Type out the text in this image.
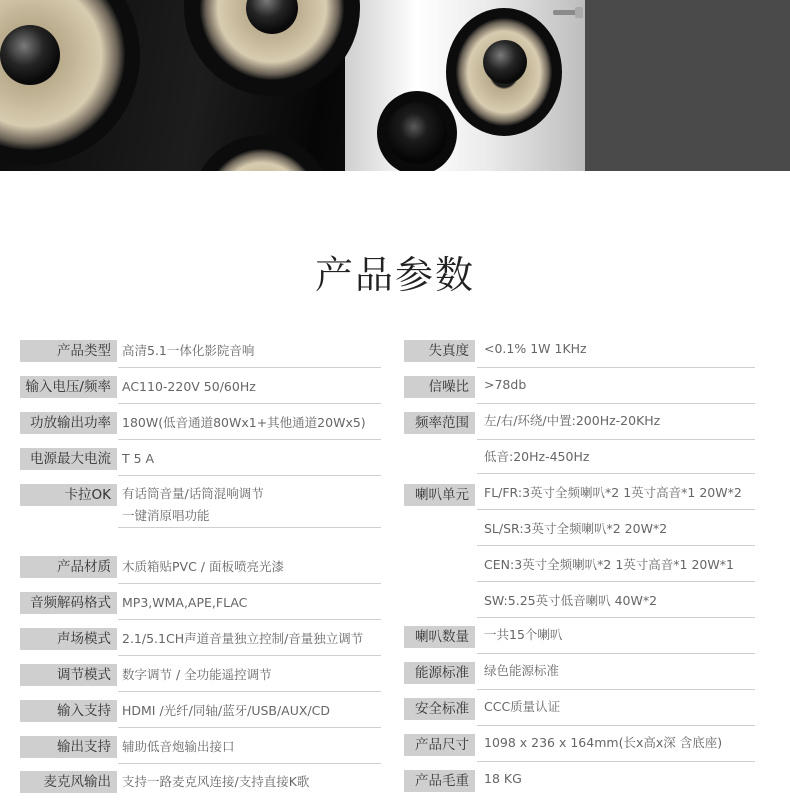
产品参数
产品类型 高清5.1一体化影院音响
输入电压/频率 AC110-220V 50/60Hz
功放输出功率 180W(低音通道80Wx1+其他通道20Wx5)
电源最大电流 T 5 A
卡拉OK 有话筒音量/话筒混响调节
一键消原唱功能
产品材质 木质箱贴PVC / 面板喷亮光漆
音频解码格式 MP3,WMA,APE,FLAC
声场模式 2.1/5.1CH声道音量独立控制/音量独立调节
调节模式 数字调节 / 全功能遥控调节
输入支持 HDMI /光纤/同轴/蓝牙/USB/AUX/CD
输出支持 辅助低音炮输出接口
麦克风输出 支持一路麦克风连接/支持直接K歌
失真度	<0.1% 1W 1KHz
信噪比	>78db
频率范围	左/右/环绕/中置:200Hz-20KHz
低音:20Hz-450Hz
喇叭单元	FL/FR:3英寸全频喇叭*2 1英寸高音*1 20W*2
SL/SR:3英寸全频喇叭*2 20W*2
CEN:3英寸全频喇叭*2 1英寸高音*1 20W*1
SW:5.25英寸低音喇叭 40W*2
喇叭数量	一共15个喇叭
能源标准	绿色能源标准
安全标准	CCC质量认证
产品尺寸	1098 x 236 x 164mm(长x高x深 含底座)
产品毛重	18 KG
